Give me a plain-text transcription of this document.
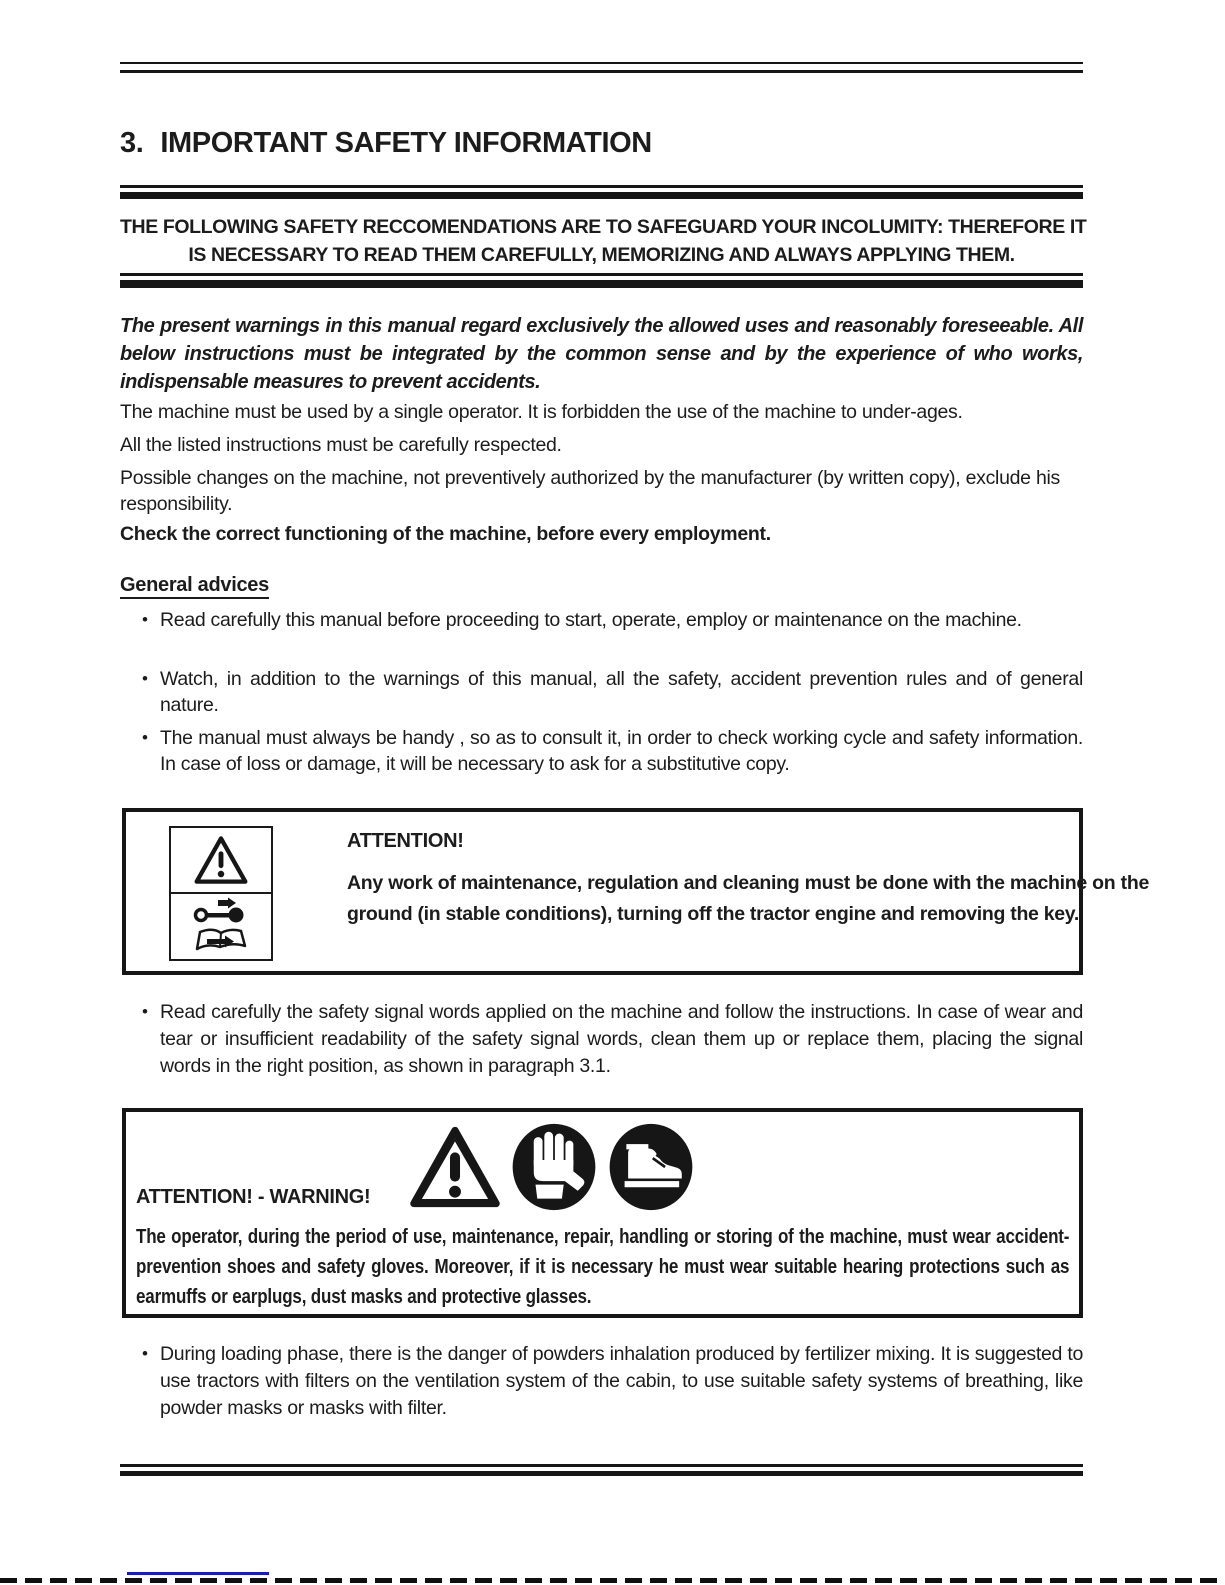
3. IMPORTANT SAFETY INFORMATION
THE FOLLOWING SAFETY RECCOMENDATIONS ARE TO SAFEGUARD YOUR INCOLUMITY: THEREFORE IT
IS NECESSARY TO READ THEM CAREFULLY, MEMORIZING AND ALWAYS APPLYING THEM.
The present warnings in this manual regard exclusively the allowed uses and reasonably foreseeable. All below instructions must be integrated by the common sense and by the experience of who works, indispensable measures to prevent accidents.
The machine must be used by a single operator. It is forbidden the use of the machine to under-ages.
All the listed instructions must be carefully respected.
Possible changes on the machine, not preventively authorized by the manufacturer (by written copy), exclude his responsibility.
Check the correct functioning of the machine, before every employment.
General advices
• Read carefully this manual before proceeding to start, operate, employ or maintenance on the machine.
• Watch, in addition to the warnings of this manual, all the safety, accident prevention rules and of general nature.
• The manual must always be handy , so as to consult it, in order to check working cycle and safety information. In case of loss or damage, it will be necessary to ask for a substitutive copy.
ATTENTION!
Any work of maintenance, regulation and cleaning must be done with the machine on the ground (in stable conditions), turning off the tractor engine and removing the key.
• Read carefully the safety signal words applied on the machine and follow the instructions. In case of wear and tear or insufficient readability of the safety signal words, clean them up or replace them, placing the signal words in the right position, as shown in paragraph 3.1.
ATTENTION! - WARNING!
The operator, during the period of use, maintenance, repair, handling or storing of the machine, must wear accident-prevention shoes and safety gloves. Moreover, if it is necessary he must wear suitable hearing protections such as earmuffs or earplugs, dust masks and protective glasses.
• During loading phase, there is the danger of powders inhalation produced by fertilizer mixing. It is suggested to use tractors with filters on the ventilation system of the cabin, to use suitable safety systems of breathing, like powder masks or masks with filter.
